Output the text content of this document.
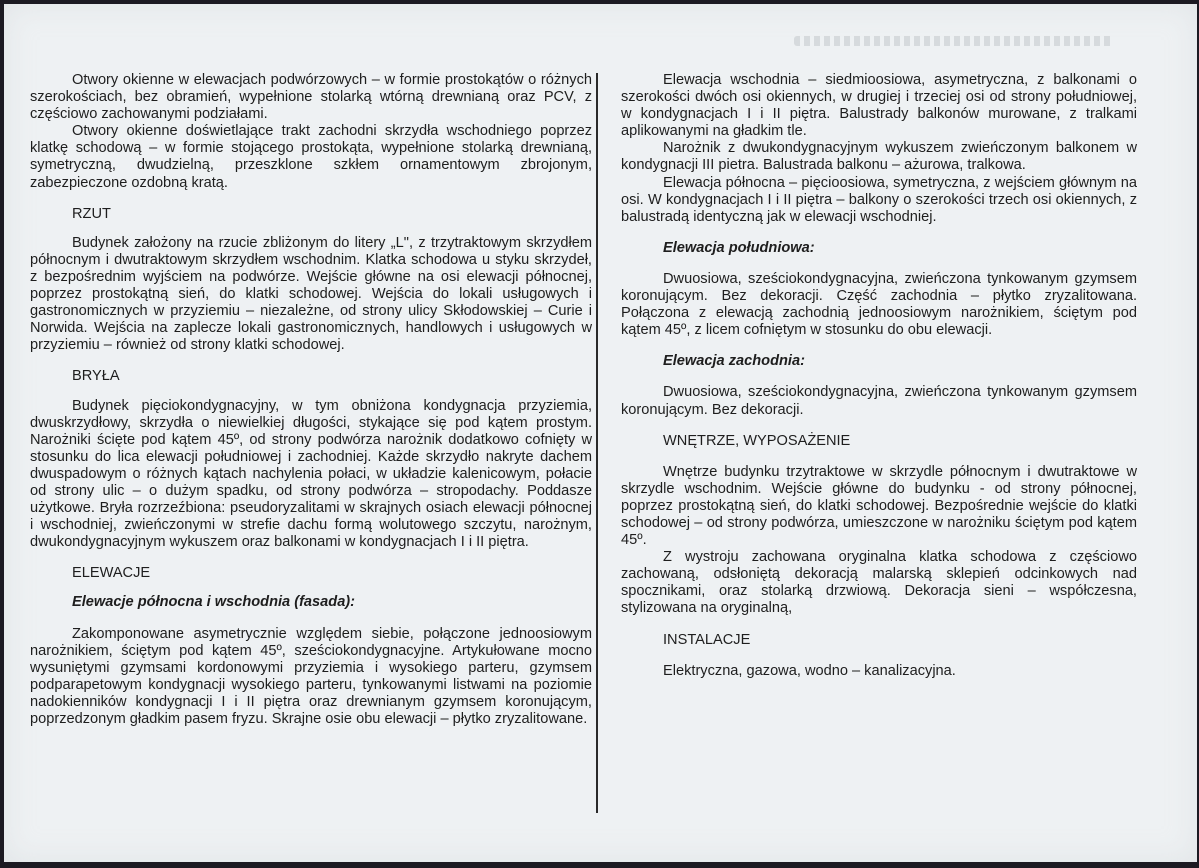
Otwory okienne w elewacjach podwórzowych – w formie prostokątów o różnych szerokościach, bez obramień, wypełnione stolarką wtórną drewnianą oraz PCV, z częściowo zachowanymi podziałami.

Otwory okienne doświetlające trakt zachodni skrzydła wschodniego poprzez klatkę schodową – w formie stojącego prostokąta, wypełnione stolarką drewnianą, symetryczną, dwudzielną, przeszklone szkłem ornamentowym zbrojonym, zabezpieczone ozdobną kratą.

RZUT

Budynek założony na rzucie zbliżonym do litery „L", z trzytraktowym skrzydłem północnym i dwutraktowym skrzydłem wschodnim. Klatka schodowa u styku skrzydeł, z bezpośrednim wyjściem na podwórze. Wejście główne na osi elewacji północnej, poprzez prostokątną sień, do klatki schodowej. Wejścia do lokali usługowych i gastronomicznych w przyziemiu – niezależne, od strony ulicy Skłodowskiej – Curie i Norwida. Wejścia na zaplecze lokali gastronomicznych, handlowych i usługowych w przyziemiu – również od strony klatki schodowej.

BRYŁA

Budynek pięciokondygnacyjny, w tym obniżona kondygnacja przyziemia, dwuskrzydłowy, skrzydła o niewielkiej długości, stykające się pod kątem prostym. Narożniki ścięte pod kątem 45º, od strony podwórza narożnik dodatkowo cofnięty w stosunku do lica elewacji południowej i zachodniej. Każde skrzydło nakryte dachem dwuspadowym o różnych kątach nachylenia połaci, w układzie kalenicowym, połacie od strony ulic – o dużym spadku, od strony podwórza – stropodachy. Poddasze użytkowe. Bryła rozrzeźbiona: pseudoryzalitami w skrajnych osiach elewacji północnej i wschodniej, zwieńczonymi w strefie dachu formą wolutowego szczytu, narożnym, dwukondygnacyjnym wykuszem oraz balkonami w kondygnacjach I i II piętra.

ELEWACJE

Elewacje północna i wschodnia (fasada):

Zakomponowane asymetrycznie względem siebie, połączone jednoosiowym narożnikiem, ściętym pod kątem 45º, sześciokondygnacyjne. Artykułowane mocno wysuniętymi gzymsami kordonowymi przyziemia i wysokiego parteru, gzymsem podparapetowym kondygnacji wysokiego parteru, tynkowanymi listwami na poziomie nadokienników kondygnacji I i II piętra oraz drewnianym gzymsem koronującym, poprzedzonym gładkim pasem fryzu. Skrajne osie obu elewacji – płytko zryzalitowane.

Elewacja wschodnia – siedmioosiowa, asymetryczna, z balkonami o szerokości dwóch osi okiennych, w drugiej i trzeciej osi od strony południowej, w kondygnacjach I i II piętra. Balustrady balkonów murowane, z tralkami aplikowanymi na gładkim tle.

Narożnik z dwukondygnacyjnym wykuszem zwieńczonym balkonem w kondygnacji III pietra. Balustrada balkonu – ażurowa, tralkowa.

Elewacja północna – pięcioosiowa, symetryczna, z wejściem głównym na osi. W kondygnacjach I i II piętra – balkony o szerokości trzech osi okiennych, z balustradą identyczną jak w elewacji wschodniej.

Elewacja południowa:

Dwuosiowa, sześciokondygnacyjna, zwieńczona tynkowanym gzymsem koronującym. Bez dekoracji. Część zachodnia – płytko zryzalitowana. Połączona z elewacją zachodnią jednoosiowym narożnikiem, ściętym pod kątem 45º, z licem cofniętym w stosunku do obu elewacji.

Elewacja zachodnia:

Dwuosiowa, sześciokondygnacyjna, zwieńczona tynkowanym gzymsem koronującym. Bez dekoracji.

WNĘTRZE, WYPOSAŻENIE

Wnętrze budynku trzytraktowe w skrzydle północnym i dwutraktowe w skrzydle wschodnim. Wejście główne do budynku - od strony północnej, poprzez prostokątną sień, do klatki schodowej. Bezpośrednie wejście do klatki schodowej – od strony podwórza, umieszczone w narożniku ściętym pod kątem 45º.

Z wystroju zachowana oryginalna klatka schodowa z częściowo zachowaną, odsłoniętą dekoracją malarską sklepień odcinkowych nad spocznikami, oraz stolarką drzwiową. Dekoracja sieni – współczesna, stylizowana na oryginalną,

INSTALACJE

Elektryczna, gazowa, wodno – kanalizacyjna.
